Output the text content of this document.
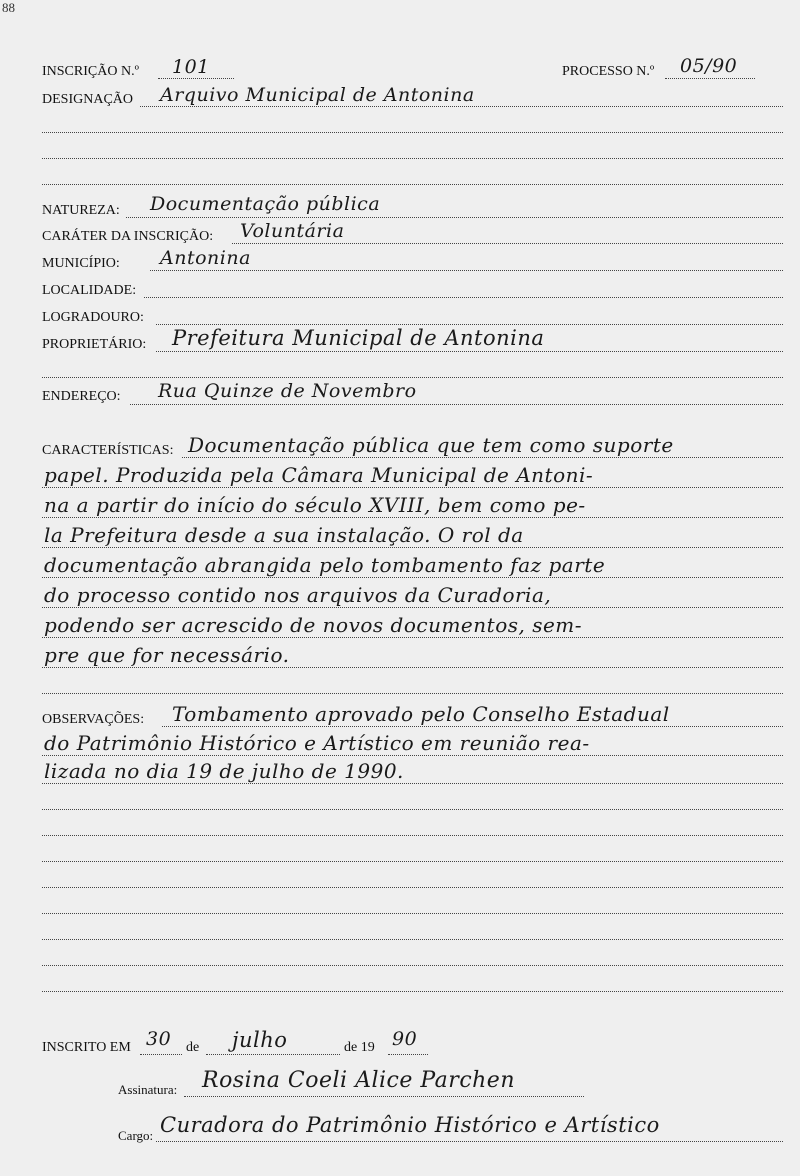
88
INSCRIÇÃO N.º 101	PROCESSO N.º 05/90
DESIGNAÇÃO Arquivo Municipal de Antonina
NATUREZA: Documentação pública
CARÁTER DA INSCRIÇÃO: Voluntária
MUNICÍPIO: Antonina
LOCALIDADE:
LOGRADOURO:
PROPRIETÁRIO: Prefeitura Municipal de Antonina
ENDEREÇO: Rua Quinze de Novembro
CARACTERÍSTICAS: Documentação pública que tem como suporte
papel. Produzida pela Câmara Municipal de Antoni-
na a partir do início do século XVIII, bem como pe-
la Prefeitura desde a sua instalação. O rol da
documentação abrangida pelo tombamento faz parte
do processo contido nos arquivos da Curadoria,
podendo ser acrescido de novos documentos, sem-
pre que for necessário.
OBSERVAÇÕES: Tombamento aprovado pelo Conselho Estadual
do Patrimônio Histórico e Artístico em reunião rea-
lizada no dia 19 de julho de 1990.
INSCRITO EM 30 de julho	de 19 90
Assinatura: Rosina Coeli Alice Parchen
Cargo: Curadora do Patrimônio Histórico e Artístico
